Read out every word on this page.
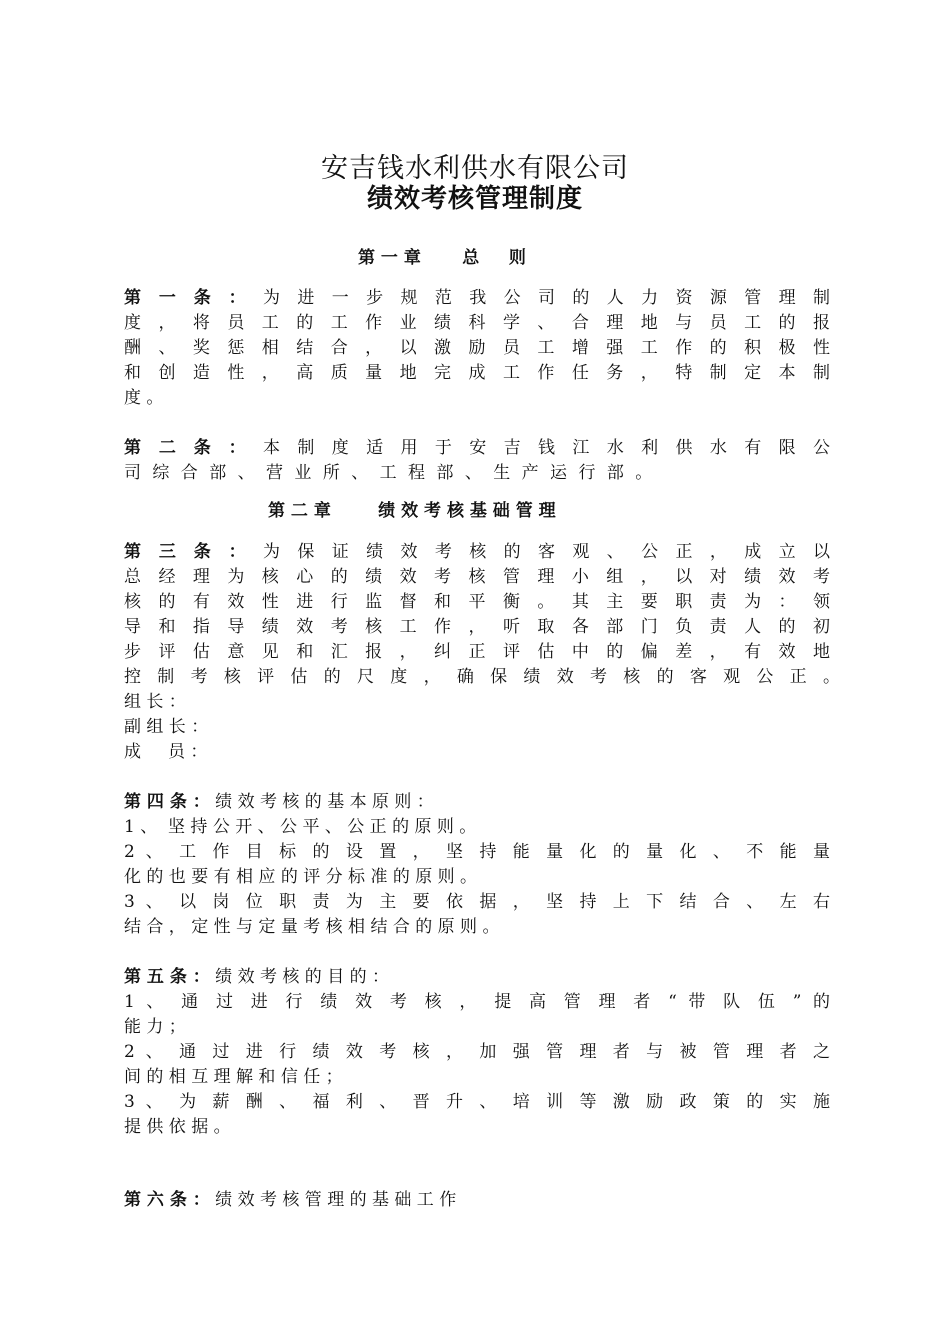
安吉钱水利供水有限公司
绩效考核管理制度
第 一 章       总     则
第 一 条 ： 为 进 一 步 规 范 我 公 司 的 人 力 资 源 管 理 制
度 ， 将 员 工 的 工 作 业 绩 科 学 、 合 理 地 与 员 工 的 报
酬 、 奖 惩 相 结 合 ， 以 激 励 员 工 增 强 工 作 的 积 极 性
和 创 造 性 ， 高 质 量 地 完 成 工 作 任 务 ， 特 制 定 本 制
度 。
第 二 条 ： 本 制 度 适 用 于 安 吉 钱 江 水 利 供 水 有 限 公
司 综 合 部 、 营 业 所 、 工 程 部 、 生 产 运 行 部 。
第 二 章        绩 效 考 核 基 础 管 理
第 三 条 ： 为 保 证 绩 效 考 核 的 客 观 、 公 正 ， 成 立 以
总 经 理 为 核 心 的 绩 效 考 核 管 理 小 组 ， 以 对 绩 效 考
核 的 有 效 性 进 行 监 督 和 平 衡 。 其 主 要 职 责 为 ： 领
导 和 指 导 绩 效 考 核 工 作 ， 听 取 各 部 门 负 责 人 的 初
步 评 估 意 见 和 汇 报 ， 纠 正 评 估 中 的 偏 差 ， 有 效 地
控 制 考 核 评 估 的 尺 度 ， 确 保 绩 效 考 核 的 客 观 公 正 。
组 长 ：
副 组 长 ：
成     员 ：
第 四 条 ： 绩 效 考 核 的 基 本 原 则 ：
1 、  坚 持 公 开 、 公 平 、 公 正 的 原 则 。
2 、 工 作 目 标 的 设 置 ， 坚 持 能 量 化 的 量 化 、 不 能 量
化 的 也 要 有 相 应 的 评 分 标 准 的 原 则 。
3 、 以 岗 位 职 责 为 主 要 依 据 ， 坚 持 上 下 结 合 、 左 右
结 合 ， 定 性 与 定 量 考 核 相 结 合 的 原 则 。
第 五 条 ： 绩 效 考 核 的 目 的 ：
1 、 通 过 进 行 绩 效 考 核 ， 提 高 管 理 者 “ 带 队 伍 ” 的
能 力 ；
2 、 通 过 进 行 绩 效 考 核 ， 加 强 管 理 者 与 被 管 理 者 之
间 的 相 互 理 解 和 信 任 ；
3 、 为 薪 酬 、 福 利 、 晋 升 、 培 训 等 激 励 政 策 的 实 施
提 供 依 据 。
第 六 条 ： 绩 效 考 核 管 理 的 基 础 工 作
